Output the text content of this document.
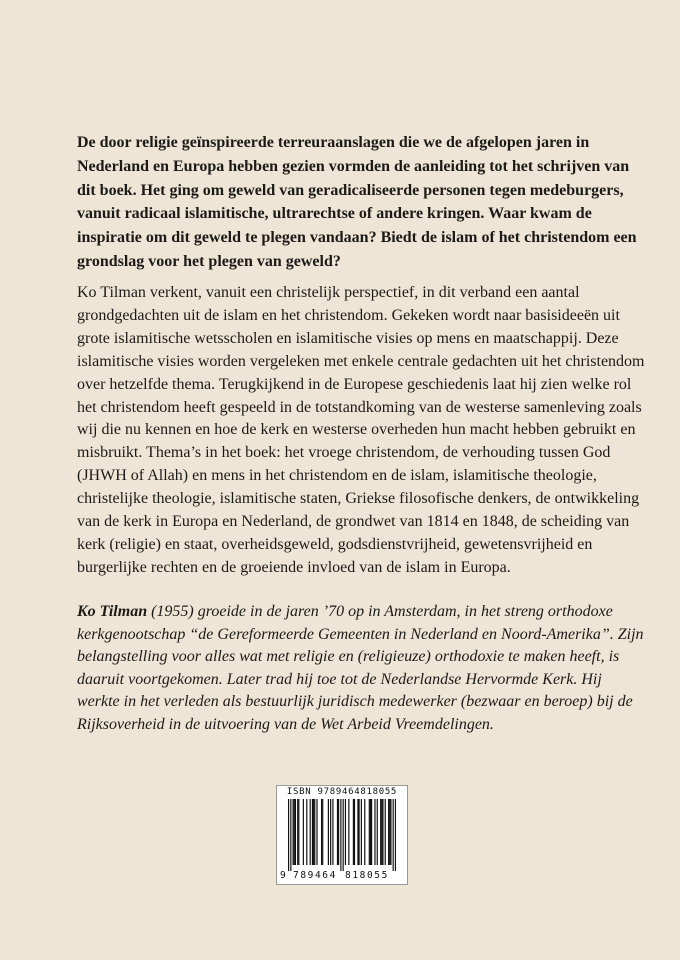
De door religie geïnspireerde terreuraanslagen die we de afgelopen jaren in Nederland en Europa hebben gezien vormden de aanleiding tot het schrijven van dit boek. Het ging om geweld van geradicaliseerde personen tegen medeburgers, vanuit radicaal islamitische, ultrarechtse of andere kringen. Waar kwam de inspiratie om dit geweld te plegen vandaan? Biedt de islam of het christendom een grondslag voor het plegen van geweld?

Ko Tilman verkent, vanuit een christelijk perspectief, in dit verband een aantal grondgedachten uit de islam en het christendom. Gekeken wordt naar basisideeën uit grote islamitische wetsscholen en islamitische visies op mens en maatschappij. Deze islamitische visies worden vergeleken met enkele centrale gedachten uit het christendom over hetzelfde thema. Terugkijkend in de Europese geschiedenis laat hij zien welke rol het christendom heeft gespeeld in de totstandkoming van de westerse samenleving zoals wij die nu kennen en hoe de kerk en westerse overheden hun macht hebben gebruikt en misbruikt. Thema’s in het boek: het vroege christendom, de verhouding tussen God (JHWH of Allah) en mens in het christendom en de islam, islamitische theologie, christelijke theologie, islamitische staten, Griekse filosofische denkers, de ontwikkeling van de kerk in Europa en Nederland, de grondwet van 1814 en 1848, de scheiding van kerk (religie) en staat, overheidsgeweld, godsdienstvrijheid, gewetensvrijheid en burgerlijke rechten en de groeiende invloed van de islam in Europa.

Ko Tilman (1955) groeide in de jaren ’70 op in Amsterdam, in het streng orthodoxe kerkgenootschap “de Gereformeerde Gemeenten in Nederland en Noord-Amerika”. Zijn belangstelling voor alles wat met religie en (religieuze) orthodoxie te maken heeft, is daaruit voortgekomen. Later trad hij toe tot de Nederlandse Hervormde Kerk. Hij werkte in het verleden als bestuurlijk juridisch medewerker (bezwaar en beroep) bij de Rijksoverheid in de uitvoering van de Wet Arbeid Vreemdelingen.

ISBN 9789464818055
9 789464 818055
